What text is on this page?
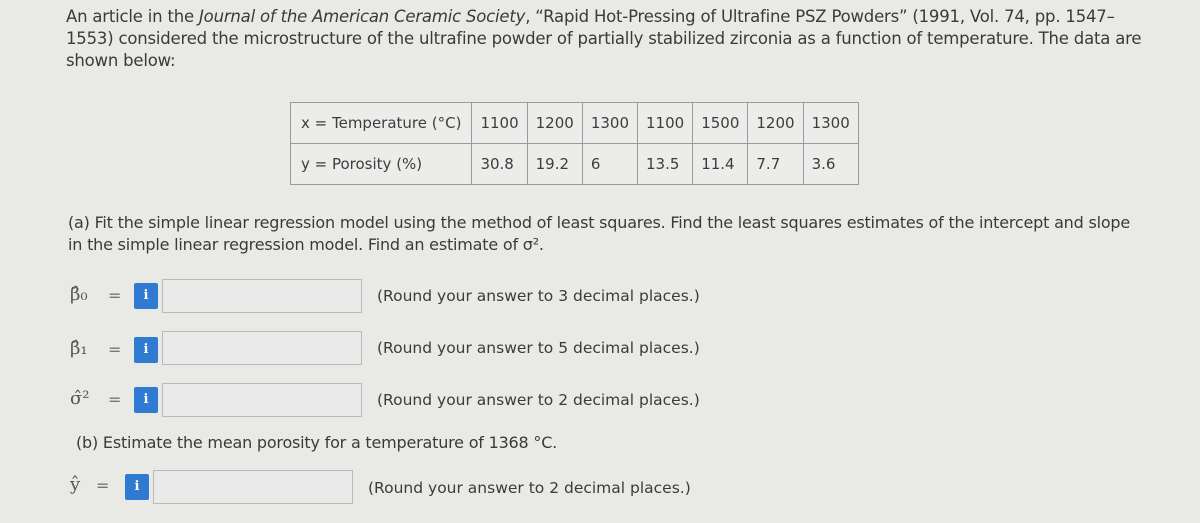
An article in the Journal of the American Ceramic Society, “Rapid Hot-Pressing of Ultrafine PSZ Powders” (1991, Vol. 74, pp. 1547–1553) considered the microstructure of the ultrafine powder of partially stabilized zirconia as a function of temperature. The data are shown below:
x = Temperature (°C)	1100	1200	1300	1100	1500	1200	1300
y = Porosity (%)	30.8	19.2	6	13.5	11.4	7.7	3.6
(a) Fit the simple linear regression model using the method of least squares. Find the least squares estimates of the intercept and slope in the simple linear regression model. Find an estimate of σ².
β̂₀ =	i	(Round your answer to 3 decimal places.)
β̂₁ =	i	(Round your answer to 5 decimal places.)
σ̂² =	i	(Round your answer to 2 decimal places.)
(b) Estimate the mean porosity for a temperature of 1368 °C.
ŷ =	i	(Round your answer to 2 decimal places.)
